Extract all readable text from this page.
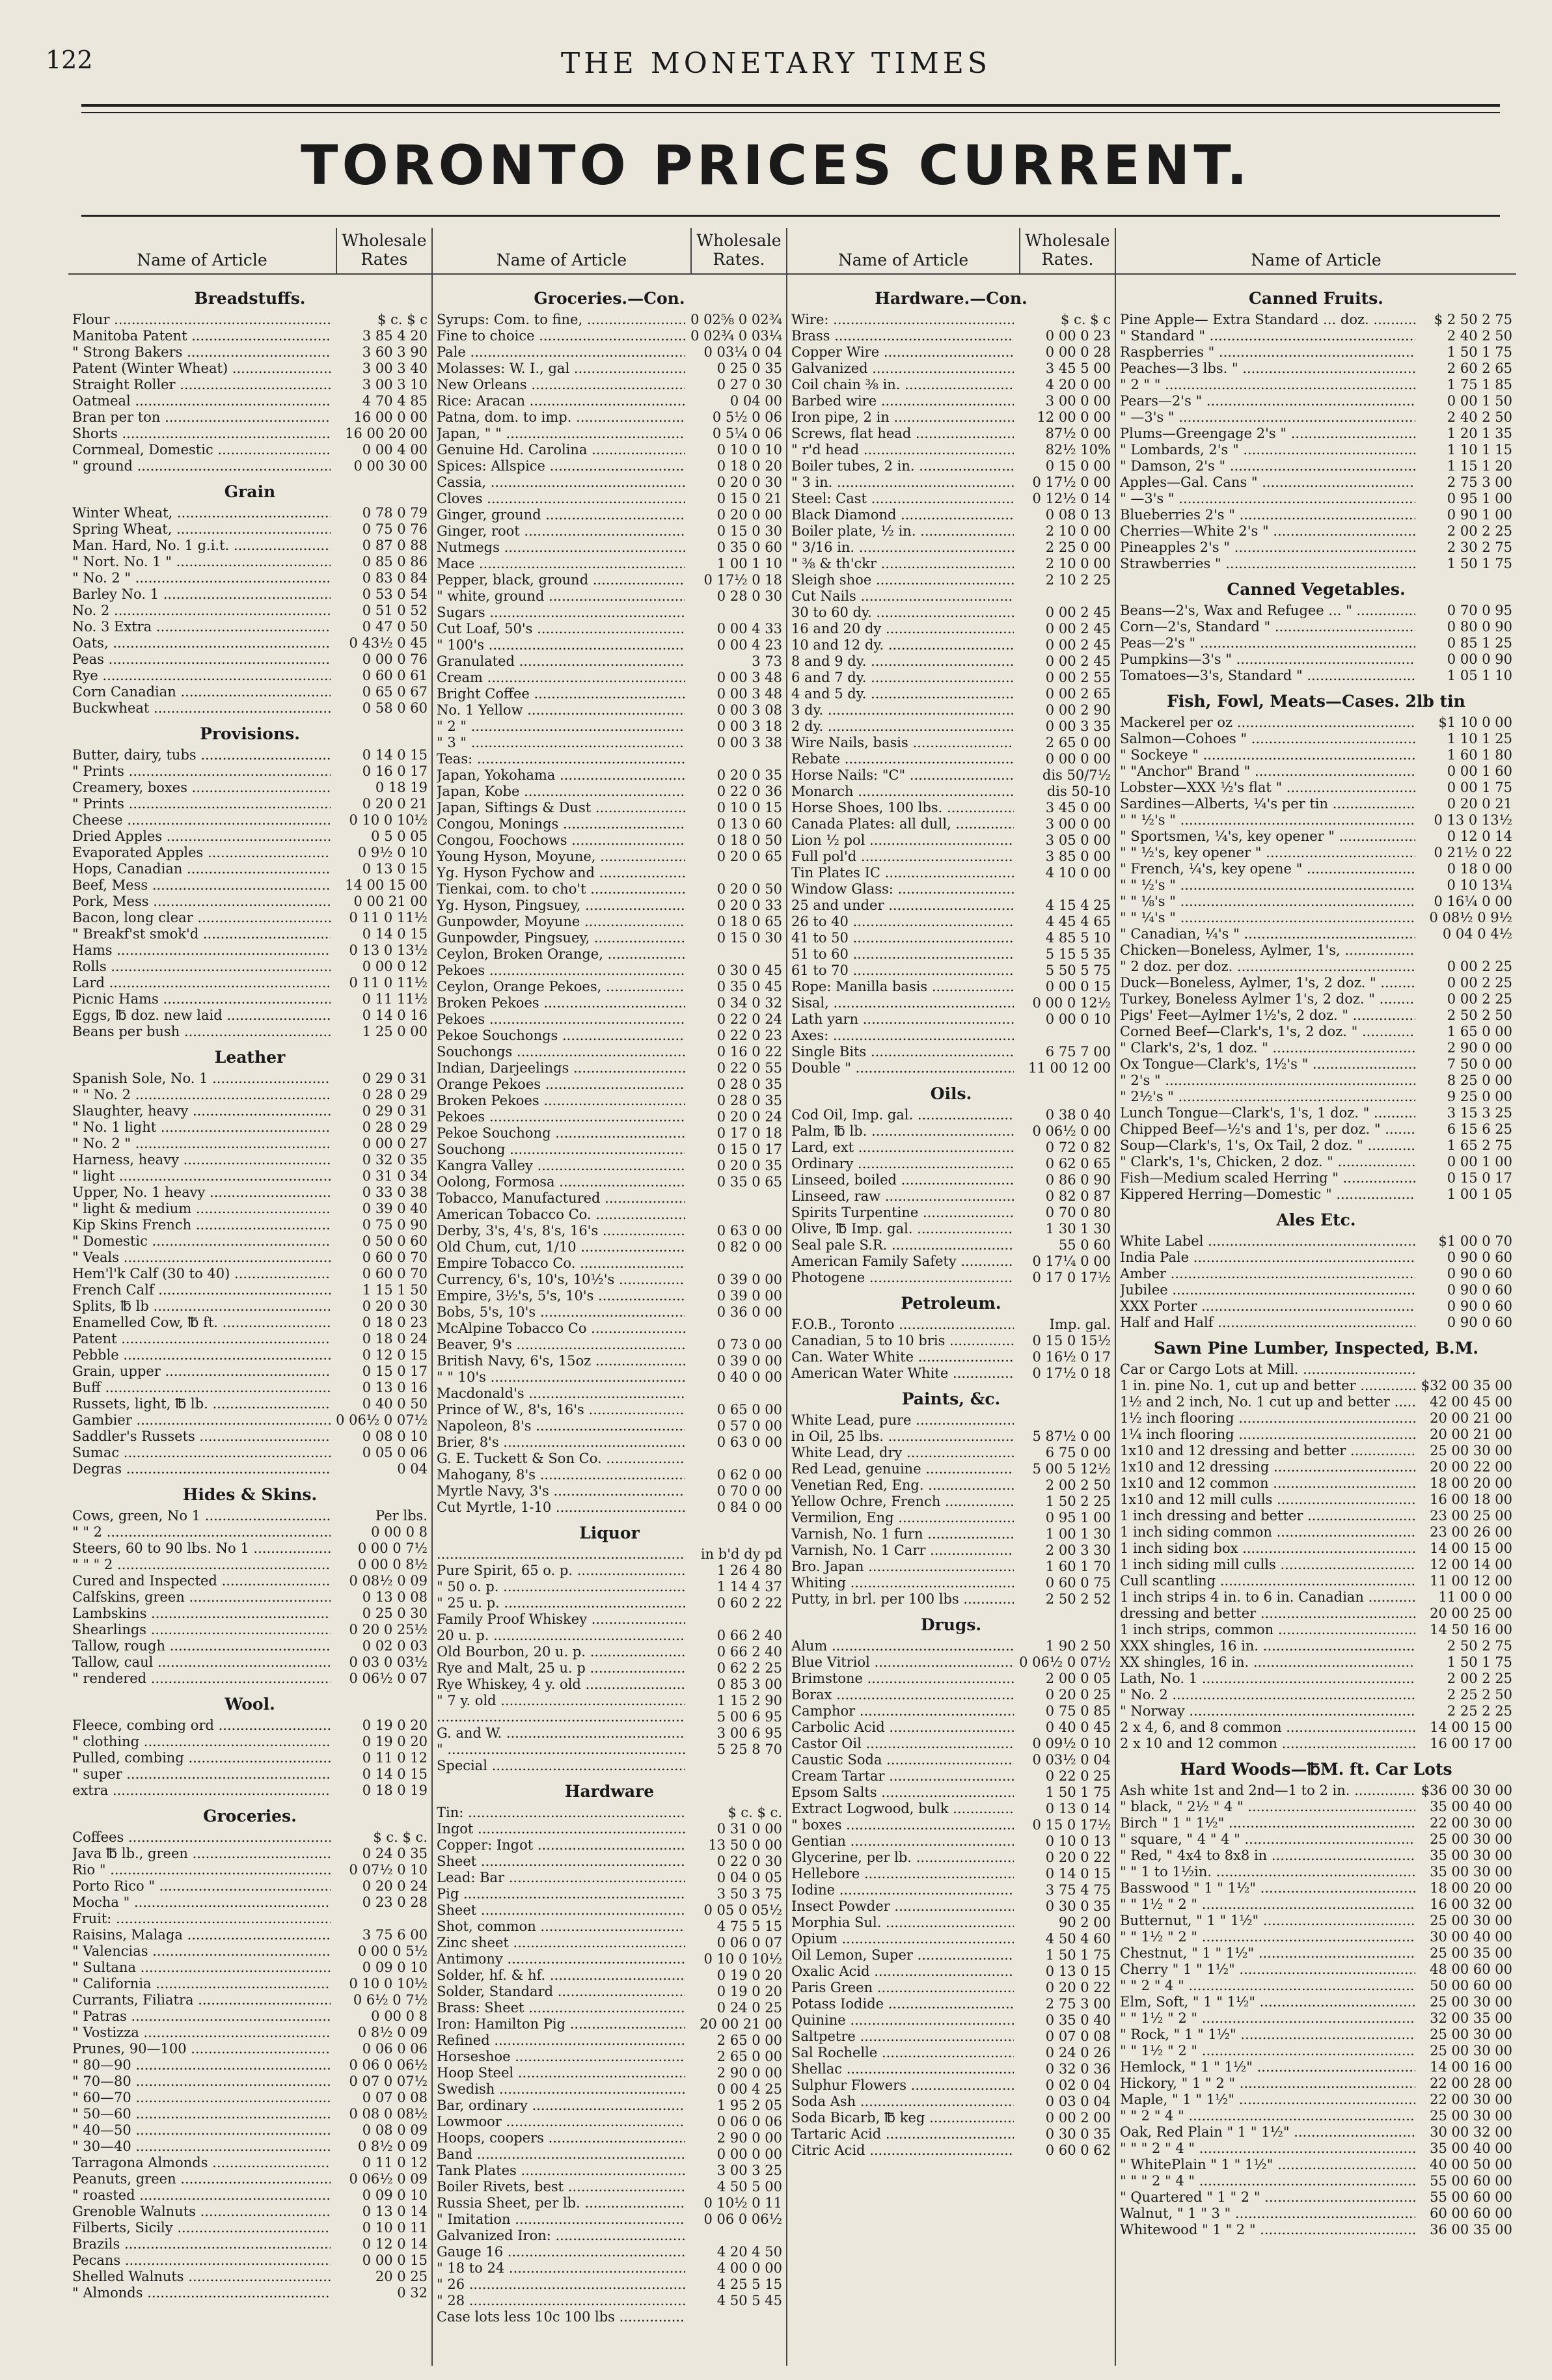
122	THE MONETARY TIMES
TORONTO PRICES CURRENT.
Name of Article
Wholesale Rates
Breadstuffs.
Flour .....	$ c. $ c
Manitoba Patent .....	3 85 4 20
" Strong Bakers .....	3 60 3 90
Patent (Winter Wheat) .....	3 00 3 40
Straight Roller .....	3 00 3 10
Oatmeal .....	4 70 4 85
Bran per ton .....	16 00 0 00
Shorts .....	16 00 20 00
Cornmeal, Domestic .....	0 00 4 00
" ground .....	0 00 30 00
Grain
Winter Wheat, .....	0 78 0 79
Spring Wheat, .....	0 75 0 76
Man. Hard, No. 1 g.i.t. .....	0 87 0 88
" Nort. No. 1 " .....	0 85 0 86
" No. 2 " .....	0 83 0 84
Barley No. 1 .....	0 53 0 54
No. 2 .....	0 51 0 52
No. 3 Extra .....	0 47 0 50
Oats, .....	0 43½ 0 45
Peas .....	0 00 0 76
Rye .....	0 60 0 61
Corn Canadian .....	0 65 0 67
Buckwheat .....	0 58 0 60
Provisions.
Butter, dairy, tubs .....	0 14 0 15
" Prints .....	0 16 0 17
Creamery, boxes .....	0 18 19
" Prints .....	0 20 0 21
Cheese .....	0 10 0 10½
Dried Apples .....	0 5 0 05
Evaporated Apples .....	0 9½ 0 10
Hops, Canadian .....	0 13 0 15
Beef, Mess .....	14 00 15 00
Pork, Mess .....	0 00 21 00
Bacon, long clear .....	0 11 0 11½
" Breakf'st smok'd .....	0 14 0 15
Hams .....	0 13 0 13½
Rolls .....	0 00 0 12
Lard .....	0 11 0 11½
Picnic Hams .....	0 11 11½
Eggs, ℔ doz. new laid .....	0 14 0 16
Beans per bush .....	1 25 0 00
Leather
Spanish Sole, No. 1 .....	0 29 0 31
" " No. 2 .....	0 28 0 29
Slaughter, heavy .....	0 29 0 31
" No. 1 light .....	0 28 0 29
" No. 2 " .....	0 00 0 27
Harness, heavy .....	0 32 0 35
" light .....	0 31 0 34
Upper, No. 1 heavy .....	0 33 0 38
" light & medium .....	0 39 0 40
Kip Skins French .....	0 75 0 90
" Domestic .....	0 50 0 60
" Veals .....	0 60 0 70
Hem'l'k Calf (30 to 40) .....	0 60 0 70
French Calf .....	1 15 1 50
Splits, ℔ lb .....	0 20 0 30
Enamelled Cow, ℔ ft. .....	0 18 0 23
Patent .....	0 18 0 24
Pebble .....	0 12 0 15
Grain, upper .....	0 15 0 17
Buff .....	0 13 0 16
Russets, light, ℔ lb. .....	0 40 0 50
Gambier .....	0 06½ 0 07½
Saddler's Russets .....	0 08 0 10
Sumac .....	0 05 0 06
Degras .....	0 04
Hides & Skins.
Cows, green, No 1 .....	Per lbs.
" " 2 .....	0 00 0 8
Steers, 60 to 90 lbs. No 1 .....	0 00 0 7½
" " " 2 .....	0 00 0 8½
Cured and Inspected .....	0 08½ 0 09
Calfskins, green .....	0 13 0 08
Lambskins .....	0 25 0 30
Shearlings .....	0 20 0 25½
Tallow, rough .....	0 02 0 03
Tallow, caul .....	0 03 0 03½
" rendered .....	0 06½ 0 07
Wool.
Fleece, combing ord .....	0 19 0 20
" clothing .....	0 19 0 20
Pulled, combing .....	0 11 0 12
" super .....	0 14 0 15
extra .....	0 18 0 19
Groceries.
Coffees .....	$ c. $ c.
Java ℔ lb., green .....	0 24 0 35
Rio " .....	0 07½ 0 10
Porto Rico " .....	0 20 0 24
Mocha " .....	0 23 0 28
Fruit: .....
Raisins, Malaga .....	3 75 6 00
" Valencias .....	0 00 0 5½
" Sultana .....	0 09 0 10
" California .....	0 10 0 10½
Currants, Filiatra .....	0 6½ 0 7½
" Patras .....	0 00 0 8
" Vostizza .....	0 8½ 0 09
Prunes, 90—100 .....	0 06 0 06
" 80—90 .....	0 06 0 06½
" 70—80 .....	0 07 0 07½
" 60—70 .....	0 07 0 08
" 50—60 .....	0 08 0 08½
" 40—50 .....	0 08 0 09
" 30—40 .....	0 8½ 0 09
Tarragona Almonds .....	0 11 0 12
Peanuts, green .....	0 06½ 0 09
" roasted .....	0 09 0 10
Grenoble Walnuts .....	0 13 0 14
Filberts, Sicily .....	0 10 0 11
Brazils .....	0 12 0 14
Pecans .....	0 00 0 15
Shelled Walnuts .....	20 0 25
" Almonds .....	0 32
Name of Article
Wholesale Rates.
Groceries.—Con.
Syrups: Com. to fine, .....	0 02⅝ 0 02¾
Fine to choice .....	0 02¾ 0 03¼
Pale .....	0 03¼ 0 04
Molasses: W. I., gal .....	0 25 0 35
New Orleans .....	0 27 0 30
Rice: Aracan .....	0 04 00
Patna, dom. to imp. .....	0 5½ 0 06
Japan, " " .....	0 5¼ 0 06
Genuine Hd. Carolina .....	0 10 0 10
Spices: Allspice .....	0 18 0 20
Cassia, .....	0 20 0 30
Cloves .....	0 15 0 21
Ginger, ground .....	0 20 0 00
Ginger, root .....	0 15 0 30
Nutmegs .....	0 35 0 60
Mace .....	1 00 1 10
Pepper, black, ground .....	0 17½ 0 18
" white, ground .....	0 28 0 30
Sugars .....
Cut Loaf, 50's .....	0 00 4 33
" 100's .....	0 00 4 23
Granulated .....	3 73
Cream .....	0 00 3 48
Bright Coffee .....	0 00 3 48
No. 1 Yellow .....	0 00 3 08
" 2 " .....	0 00 3 18
" 3 " .....	0 00 3 38
Teas: .....
Japan, Yokohama .....	0 20 0 35
Japan, Kobe .....	0 22 0 36
Japan, Siftings & Dust .....	0 10 0 15
Congou, Monings .....	0 13 0 60
Congou, Foochows .....	0 18 0 50
Young Hyson, Moyune, .....	0 20 0 65
Yg. Hyson Fychow and .....
Tienkai, com. to cho't .....	0 20 0 50
Yg. Hyson, Pingsuey, .....	0 20 0 33
Gunpowder, Moyune .....	0 18 0 65
Gunpowder, Pingsuey, .....	0 15 0 30
Ceylon, Broken Orange, .....
Pekoes .....	0 30 0 45
Ceylon, Orange Pekoes, .....	0 35 0 45
Broken Pekoes .....	0 34 0 32
Pekoes .....	0 22 0 24
Pekoe Souchongs .....	0 22 0 23
Souchongs .....	0 16 0 22
Indian, Darjeelings .....	0 22 0 55
Orange Pekoes .....	0 28 0 35
Broken Pekoes .....	0 28 0 35
Pekoes .....	0 20 0 24
Pekoe Souchong .....	0 17 0 18
Souchong .....	0 15 0 17
Kangra Valley .....	0 20 0 35
Oolong, Formosa .....	0 35 0 65
Tobacco, Manufactured .....
American Tobacco Co. .....
Derby, 3's, 4's, 8's, 16's .....	0 63 0 00
Old Chum, cut, 1/10 .....	0 82 0 00
Empire Tobacco Co. .....
Currency, 6's, 10's, 10½'s .....	0 39 0 00
Empire, 3½'s, 5's, 10's .....	0 39 0 00
Bobs, 5's, 10's .....	0 36 0 00
McAlpine Tobacco Co .....
Beaver, 9's .....	0 73 0 00
British Navy, 6's, 15oz .....	0 39 0 00
" " 10's .....	0 40 0 00
Macdonald's .....
Prince of W., 8's, 16's .....	0 65 0 00
Napoleon, 8's .....	0 57 0 00
Brier, 8's .....	0 63 0 00
G. E. Tuckett & Son Co. .....
Mahogany, 8's .....	0 62 0 00
Myrtle Navy, 3's .....	0 70 0 00
Cut Myrtle, 1-10 .....	0 84 0 00
Liquor
.....
in b'd dy pd
Pure Spirit, 65 o. p. .....	1 26 4 80
" 50 o. p. .....	1 14 4 37
" 25 u. p. .....	0 60 2 22
Family Proof Whiskey .....
20 u. p. .....	0 66 2 40
Old Bourbon, 20 u. p. .....	0 66 2 40
Rye and Malt, 25 u. p .....	0 62 2 25
Rye Whiskey, 4 y. old .....	0 85 3 00
" 7 y. old .....	1 15 2 90
.....
5 00 6 95
G. and W. .....	3 00 6 95
" .....	5 25 8 70
Special .....
Hardware
Tin: .....	$ c. $ c.
Ingot .....	0 31 0 00
Copper: Ingot .....	13 50 0 00
Sheet .....	0 22 0 30
Lead: Bar .....	0 04 0 05
Pig .....	3 50 3 75
Sheet .....	0 05 0 05½
Shot, common .....	4 75 5 15
Zinc sheet .....	0 06 0 07
Antimony .....	0 10 0 10½
Solder, hf. & hf. .....	0 19 0 20
Solder, Standard .....	0 19 0 20
Brass: Sheet .....	0 24 0 25
Iron: Hamilton Pig .....	20 00 21 00
Refined .....	2 65 0 00
Horseshoe .....	2 65 0 00
Hoop Steel .....	2 90 0 00
Swedish .....	0 00 4 25
Bar, ordinary .....	1 95 2 05
Lowmoor .....	0 06 0 06
Hoops, coopers .....	2 90 0 00
Band .....	0 00 0 00
Tank Plates .....	3 00 3 25
Boiler Rivets, best .....	4 50 5 00
Russia Sheet, per lb. .....	0 10½ 0 11
" Imitation .....	0 06 0 06½
Galvanized Iron: .....
Gauge 16 .....	4 20 4 50
" 18 to 24 .....	4 00 0 00
" 26 .....	4 25 5 15
" 28 .....	4 50 5 45
Case lots less 10c 100 lbs .....
Name of Article
Wholesale Rates.
Hardware.—Con.
Wire: .....	$ c. $ c
Brass .....	0 00 0 23
Copper Wire .....	0 00 0 28
Galvanized .....	3 45 5 00
Coil chain ⅜ in. .....	4 20 0 00
Barbed wire .....	3 00 0 00
Iron pipe, 2 in .....	12 00 0 00
Screws, flat head .....	87½ 0 00
" r'd head .....	82½ 10%
Boiler tubes, 2 in. .....	0 15 0 00
" 3 in. .....	0 17½ 0 00
Steel: Cast .....	0 12½ 0 14
Black Diamond .....	0 08 0 13
Boiler plate, ½ in. .....	2 10 0 00
" 3/16 in. .....	2 25 0 00
" ⅜ & th'ckr .....	2 10 0 00
Sleigh shoe .....	2 10 2 25
Cut Nails .....
30 to 60 dy. .....	0 00 2 45
16 and 20 dy .....	0 00 2 45
10 and 12 dy. .....	0 00 2 45
8 and 9 dy. .....	0 00 2 45
6 and 7 dy. .....	0 00 2 55
4 and 5 dy. .....	0 00 2 65
3 dy. .....	0 00 2 90
2 dy. .....	0 00 3 35
Wire Nails, basis .....	2 65 0 00
Rebate .....	0 00 0 00
Horse Nails: "C" .....	dis 50/7½
Monarch .....	dis 50-10
Horse Shoes, 100 lbs. .....	3 45 0 00
Canada Plates: all dull, .....	3 00 0 00
Lion ½ pol .....	3 05 0 00
Full pol'd .....	3 85 0 00
Tin Plates IC .....	4 10 0 00
Window Glass: .....
25 and under .....	4 15 4 25
26 to 40 .....	4 45 4 65
41 to 50 .....	4 85 5 10
51 to 60 .....	5 15 5 35
61 to 70 .....	5 50 5 75
Rope: Manilla basis .....	0 00 0 15
Sisal, .....	0 00 0 12½
Lath yarn .....	0 00 0 10
Axes: .....
Single Bits .....	6 75 7 00
Double " .....	11 00 12 00
Oils.
Cod Oil, Imp. gal. .....	0 38 0 40
Palm, ℔ lb. .....	0 06½ 0 00
Lard, ext .....	0 72 0 82
Ordinary .....	0 62 0 65
Linseed, boiled .....	0 86 0 90
Linseed, raw .....	0 82 0 87
Spirits Turpentine .....	0 70 0 80
Olive, ℔ Imp. gal. .....	1 30 1 30
Seal pale S.R. .....	55 0 60
American Family Safety .....	0 17¼ 0 00
Photogene .....	0 17 0 17½
Petroleum.
F.O.B., Toronto .....	Imp. gal.
Canadian, 5 to 10 bris .....	0 15 0 15½
Can. Water White .....	0 16½ 0 17
American Water White .....	0 17½ 0 18
Paints, &c.
White Lead, pure .....
in Oil, 25 lbs. .....	5 87½ 0 00
White Lead, dry .....	6 75 0 00
Red Lead, genuine .....	5 00 5 12½
Venetian Red, Eng. .....	2 00 2 50
Yellow Ochre, French .....	1 50 2 25
Vermilion, Eng .....	0 95 1 00
Varnish, No. 1 furn .....	1 00 1 30
Varnish, No. 1 Carr .....	2 00 3 30
Bro. Japan .....	1 60 1 70
Whiting .....	0 60 0 75
Putty, in brl. per 100 lbs .....	2 50 2 52
Drugs.
Alum .....	1 90 2 50
Blue Vitriol .....	0 06½ 0 07½
Brimstone .....	2 00 0 05
Borax .....	0 20 0 25
Camphor .....	0 75 0 85
Carbolic Acid .....	0 40 0 45
Castor Oil .....	0 09½ 0 10
Caustic Soda .....	0 03½ 0 04
Cream Tartar .....	0 22 0 25
Epsom Salts .....	1 50 1 75
Extract Logwood, bulk .....	0 13 0 14
" boxes .....	0 15 0 17½
Gentian .....	0 10 0 13
Glycerine, per lb. .....	0 20 0 22
Hellebore .....	0 14 0 15
Iodine .....	3 75 4 75
Insect Powder .....	0 30 0 35
Morphia Sul. .....	90 2 00
Opium .....	4 50 4 60
Oil Lemon, Super .....	1 50 1 75
Oxalic Acid .....	0 13 0 15
Paris Green .....	0 20 0 22
Potass Iodide .....	2 75 3 00
Quinine .....	0 35 0 40
Saltpetre .....	0 07 0 08
Sal Rochelle .....	0 24 0 26
Shellac .....	0 32 0 36
Sulphur Flowers .....	0 02 0 04
Soda Ash .....	0 03 0 04
Soda Bicarb, ℔ keg .....	0 00 2 00
Tartaric Acid .....	0 30 0 35
Citric Acid .....	0 60 0 62
Name of Article
Canned Fruits.
Pine Apple— Extra Standard ... doz. .....	$ 2 50 2 75
" Standard " .....	2 40 2 50
Raspberries " .....	1 50 1 75
Peaches—3 lbs. " .....	2 60 2 65
" 2 " " .....	1 75 1 85
Pears—2's " .....	0 00 1 50
" —3's " .....	2 40 2 50
Plums—Greengage 2's " .....	1 20 1 35
" Lombards, 2's " .....	1 10 1 15
" Damson, 2's " .....	1 15 1 20
Apples—Gal. Cans " .....	2 75 3 00
" —3's " .....	0 95 1 00
Blueberries 2's " .....	0 90 1 00
Cherries—White 2's " .....	2 00 2 25
Pineapples 2's " .....	2 30 2 75
Strawberries " .....	1 50 1 75
Canned Vegetables.
Beans—2's, Wax and Refugee ... " .....	0 70 0 95
Corn—2's, Standard " .....	0 80 0 90
Peas—2's " .....	0 85 1 25
Pumpkins—3's " .....	0 00 0 90
Tomatoes—3's, Standard " .....	1 05 1 10
Fish, Fowl, Meats—Cases. 2lb tin
Mackerel per oz .....	$1 10 0 00
Salmon—Cohoes " .....	1 10 1 25
" Sockeye " .....	1 60 1 80
" "Anchor" Brand " .....	0 00 1 60
Lobster—XXX ½'s flat " .....	0 00 1 75
Sardines—Alberts, ¼'s per tin .....	0 20 0 21
" " ½'s " .....	0 13 0 13½
" Sportsmen, ¼'s, key opener " .....	0 12 0 14
" " ½'s, key opener " .....	0 21½ 0 22
" French, ¼'s, key opene " .....	0 18 0 00
" " ½'s " .....	0 10 13¼
" " ⅛'s " .....	0 16¼ 0 00
" " ¼'s " .....	0 08½ 0 9½
" Canadian, ¼'s " .....	0 04 0 4½
Chicken—Boneless, Aylmer, 1's, .....
" 2 doz. per doz. .....	0 00 2 25
Duck—Boneless, Aylmer, 1's, 2 doz. " .....	0 00 2 25
Turkey, Boneless Aylmer 1's, 2 doz. " .....	0 00 2 25
Pigs' Feet—Aylmer 1½'s, 2 doz. " .....	2 50 2 50
Corned Beef—Clark's, 1's, 2 doz. " .....	1 65 0 00
" Clark's, 2's, 1 doz. " .....	2 90 0 00
Ox Tongue—Clark's, 1½'s " .....	7 50 0 00
" 2's " .....	8 25 0 00
" 2½'s " .....	9 25 0 00
Lunch Tongue—Clark's, 1's, 1 doz. " .....	3 15 3 25
Chipped Beef—½'s and 1's, per doz. " .....	6 15 6 25
Soup—Clark's, 1's, Ox Tail, 2 doz. " .....	1 65 2 75
" Clark's, 1's, Chicken, 2 doz. " .....	0 00 1 00
Fish—Medium scaled Herring " .....	0 15 0 17
Kippered Herring—Domestic " .....	1 00 1 05
Ales Etc.
White Label .....	$1 00 0 70
India Pale .....	0 90 0 60
Amber .....	0 90 0 60
Jubilee .....	0 90 0 60
XXX Porter .....	0 90 0 60
Half and Half .....	0 90 0 60
Sawn Pine Lumber, Inspected, B.M.
Car or Cargo Lots at Mill. .....
1 in. pine No. 1, cut up and better .....	$32 00 35 00
1½ and 2 inch, No. 1 cut up and better .....	42 00 45 00
1½ inch flooring .....	20 00 21 00
1¼ inch flooring .....	20 00 21 00
1x10 and 12 dressing and better .....	25 00 30 00
1x10 and 12 dressing .....	20 00 22 00
1x10 and 12 common .....	18 00 20 00
1x10 and 12 mill culls .....	16 00 18 00
1 inch dressing and better .....	23 00 25 00
1 inch siding common .....	23 00 26 00
1 inch siding box .....	14 00 15 00
1 inch siding mill culls .....	12 00 14 00
Cull scantling .....	11 00 12 00
1 inch strips 4 in. to 6 in. Canadian .....	11 00 0 00
dressing and better .....	20 00 25 00
1 inch strips, common .....	14 50 16 00
XXX shingles, 16 in. .....	2 50 2 75
XX shingles, 16 in. .....	1 50 1 75
Lath, No. 1 .....	2 00 2 25
" No. 2 .....	2 25 2 50
" Norway .....	2 25 2 25
2 x 4, 6, and 8 common .....	14 00 15 00
2 x 10 and 12 common .....	16 00 17 00
Hard Woods—℔M. ft. Car Lots
Ash white 1st and 2nd—1 to 2 in. .....	$36 00 30 00
" black, " 2½ " 4 " .....	35 00 40 00
Birch " 1 " 1½" .....	22 00 30 00
" square, " 4 " 4 " .....	25 00 30 00
" Red, " 4x4 to 8x8 in .....	35 00 30 00
" " 1 to 1½in. .....	35 00 30 00
Basswood " 1 " 1½" .....	18 00 20 00
" " 1½ " 2 " .....	16 00 32 00
Butternut, " 1 " 1½" .....	25 00 30 00
" " 1½ " 2 " .....	30 00 40 00
Chestnut, " 1 " 1½" .....	25 00 35 00
Cherry " 1 " 1½" .....	48 00 60 00
" " 2 " 4 " .....	50 00 60 00
Elm, Soft, " 1 " 1½" .....	25 00 30 00
" " 1½ " 2 " .....	32 00 35 00
" Rock, " 1 " 1½" .....	25 00 30 00
" " 1½ " 2 " .....	25 00 30 00
Hemlock, " 1 " 1½" .....	14 00 16 00
Hickory, " 1 " 2 " .....	22 00 28 00
Maple, " 1 " 1½" .....	22 00 30 00
" " 2 " 4 " .....	25 00 30 00
Oak, Red Plain " 1 " 1½" .....	30 00 32 00
" " " 2 " 4 " .....	35 00 40 00
" WhitePlain " 1 " 1½" .....	40 00 50 00
" " " 2 " 4 " .....	55 00 60 00
" Quartered " 1 " 2 " .....	55 00 60 00
Walnut, " 1 " 3 " .....	60 00 60 00
Whitewood " 1 " 2 " .....	36 00 35 00
